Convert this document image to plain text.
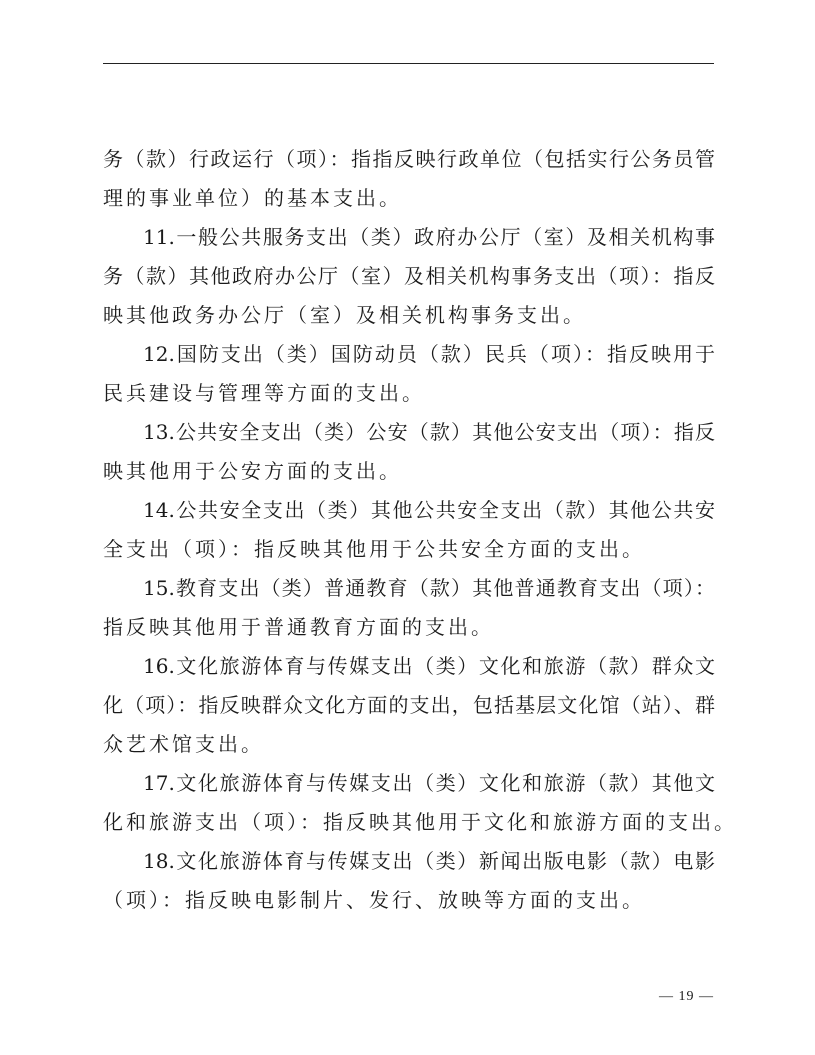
务（款）行政运行（项）：指指反映行政单位（包括实行公务员管
理的事业单位）的基本支出。
11.一般公共服务支出（类）政府办公厅（室）及相关机构事
务（款）其他政府办公厅（室）及相关机构事务支出（项）：指反
映其他政务办公厅（室）及相关机构事务支出。
12.国防支出（类）国防动员（款）民兵（项）：指反映用于
民兵建设与管理等方面的支出。
13.公共安全支出（类）公安（款）其他公安支出（项）：指反
映其他用于公安方面的支出。
14.公共安全支出（类）其他公共安全支出（款）其他公共安
全支出（项）：指反映其他用于公共安全方面的支出。
15.教育支出（类）普通教育（款）其他普通教育支出（项）：
指反映其他用于普通教育方面的支出。
16.文化旅游体育与传媒支出（类）文化和旅游（款）群众文
化（项）：指反映群众文化方面的支出，包括基层文化馆（站）、群
众艺术馆支出。
17.文化旅游体育与传媒支出（类）文化和旅游（款）其他文
化和旅游支出（项）：指反映其他用于文化和旅游方面的支出。
18.文化旅游体育与传媒支出（类）新闻出版电影（款）电影
（项）：指反映电影制片、发行、放映等方面的支出。
— 19 —
